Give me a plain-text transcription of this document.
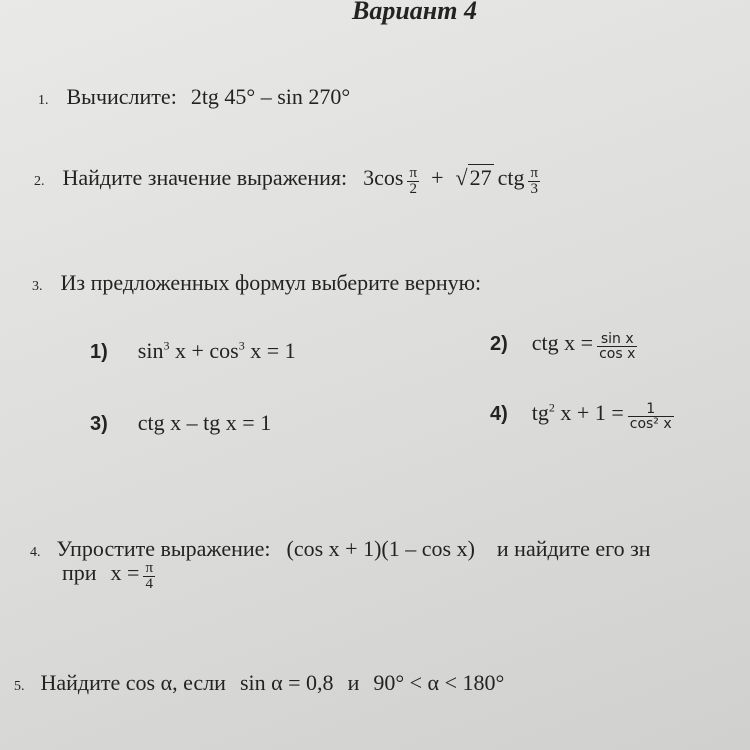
Вариант 4
1. Вычислите: 2tg 45° – sin 270°
2. Найдите значение выражения: $3\cos \frac{\pi}{2} + √27$ ctg $\frac{\pi}{3}$
3. Из предложенных формул выберите верную:
1) $\sin^3 x + \cos^3 x = 1$	2) ctg $x = \frac{\text{sin x}}{\text{cos x}}$
3) ctg x – tg x = 1	4) $tg^2$ $x + 1 = \frac{1}{\text{cos² x}}$
4. Упростите выражение: (cos x + 1)(1 – cos x) и найдите его зн
при $x = \frac{\pi}{4}$
5. Найдите cos α, если sin α = 0,8 и 90° < α < 180°
